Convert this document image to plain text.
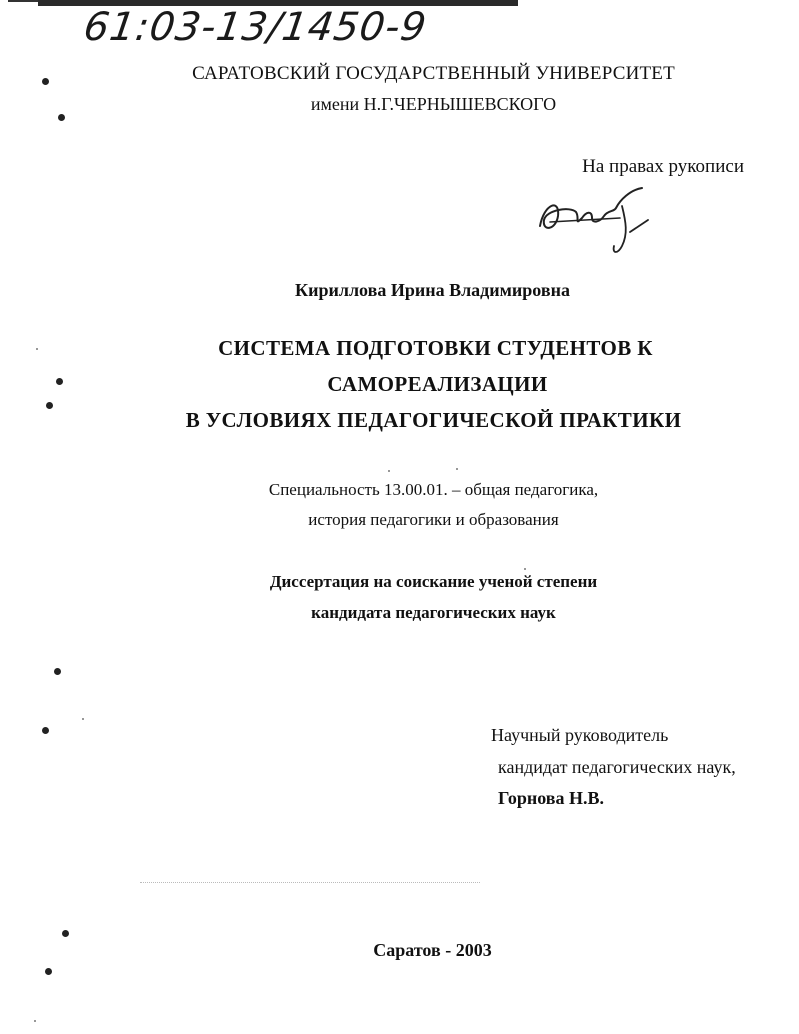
61:03-13/1450-9
САРАТОВСКИЙ ГОСУДАРСТВЕННЫЙ УНИВЕРСИТЕТ
имени Н.Г.ЧЕРНЫШЕВСКОГО
На правах рукописи
Кириллова Ирина Владимировна
СИСТЕМА ПОДГОТОВКИ СТУДЕНТОВ К
САМОРЕАЛИЗАЦИИ
В УСЛОВИЯХ ПЕДАГОГИЧЕСКОЙ ПРАКТИКИ
Специальность 13.00.01. – общая педагогика,
история педагогики и образования
Диссертация на соискание ученой степени
кандидата педагогических наук
Научный руководитель
кандидат педагогических наук,
Горнова Н.В.
Саратов - 2003
